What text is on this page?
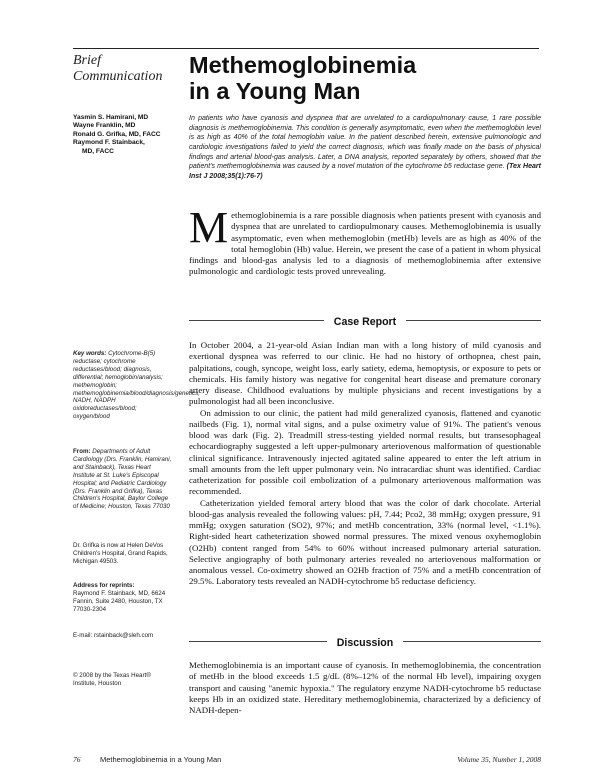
Brief
Communication	Methemoglobinemia
in a Young Man
Yasmin S. Hamirani, MD
Wayne Franklin, MD
Ronald G. Grifka, MD, FACC
Raymond F. Stainback,
MD, FACC
In patients who have cyanosis and dyspnea that are unrelated to a cardiopulmonary cause, 1 rare possible diagnosis is methemoglobinemia. This condition is generally asymptomatic, even when the methemoglobin level is as high as 40% of the total hemoglobin value. In the patient described herein, extensive pulmonologic and cardiologic investigations failed to yield the correct diagnosis, which was finally made on the basis of physical findings and arterial blood-gas analysis. Later, a DNA analysis, reported separately by others, showed that the patient's methemoglobinemia was caused by a novel mutation of the cytochrome b5 reductase gene. (Tex Heart Inst J 2008;35(1):76-7)
Methemoglobinemia is a rare possible diagnosis when patients present with cyanosis and dyspnea that are unrelated to cardiopulmonary causes. Methemoglobinemia is usually asymptomatic, even when methemoglobin (metHb) levels are as high as 40% of the total hemoglobin (Hb) value. Herein, we present the case of a patient in whom physical findings and blood-gas analysis led to a diagnosis of methemoglobinemia after extensive pulmonologic and cardiologic tests proved unrevealing.
Case Report

In October 2004, a 21-year-old Asian Indian man with a long history of mild cyanosis and exertional dyspnea was referred to our clinic. He had no history of orthopnea, chest pain, palpitations, cough, syncope, weight loss, early satiety, edema, hemoptysis, or exposure to pets or chemicals. His family history was negative for congenital heart disease and premature coronary artery disease. Childhood evaluations by multiple physicians and recent investigations by a pulmonologist had all been inconclusive.

On admission to our clinic, the patient had mild generalized cyanosis, flattened and cyanotic nailbeds (Fig. 1), normal vital signs, and a pulse oximetry value of 91%. The patient's venous blood was dark (Fig. 2). Treadmill stress-testing yielded normal results, but transesophageal echocardiography suggested a left upper-pulmonary arteriovenous malformation of questionable clinical significance. Intravenously injected agitated saline appeared to enter the left atrium in small amounts from the left upper pulmonary vein. No intracardiac shunt was identified. Cardiac catheterization for possible coil embolization of a pulmonary arteriovenous malformation was recommended.

Catheterization yielded femoral artery blood that was the color of dark chocolate. Arterial blood-gas analysis revealed the following values: pH, 7.44; Pco2, 38 mmHg; oxygen pressure, 91 mmHg; oxygen saturation (SO2), 97%; and metHb concentration, 33% (normal level, <1.1%). Right-sided heart catheterization showed normal pressures. The mixed venous oxyhemoglobin (O2Hb) content ranged from 54% to 60% without increased pulmonary arterial saturation. Selective angiography of both pulmonary arteries revealed no arteriovenous malformation or anomalous vessel. Co-oximetry showed an O2Hb fraction of 75% and a metHb concentration of 29.5%. Laboratory tests revealed an NADH-cytochrome b5 reductase deficiency.

Discussion

Methemoglobinemia is an important cause of cyanosis. In methemoglobinemia, the concentration of metHb in the blood exceeds 1.5 g/dL (8%–12% of the normal Hb level), impairing oxygen transport and causing "anemic hypoxia." The regulatory enzyme NADH-cytochrome b5 reductase keeps Hb in an oxidized state. Hereditary methemoglobinemia, characterized by a deficiency of NADH-depen-

Key words: Cytochrome-B(5) reductase; cytochrome reductases/blood; diagnosis, differential; hemoglobin/analysis; methemoglobin; methemoglobinemia/blood/diagnosis/genetics; NADH, NADPH oxidoreductases/blood; oxygen/blood
From: Departments of Adult Cardiology (Drs. Franklin, Hamirani, and Stainback), Texas Heart Institute at St. Luke's Episcopal Hospital; and Pediatric Cardiology (Drs. Franklin and Grifka), Texas Children's Hospital, Baylor College of Medicine; Houston, Texas 77030
Dr. Grifka is now at Helen DeVos Children's Hospital, Grand Rapids, Michigan 49503.
Address for reprints:
Raymond F. Stainback, MD, 6624 Fannin, Suite 2480, Houston, TX 77030-2304
E-mail: rstainback@sleh.com
© 2008 by the Texas Heart® Institute, Houston
76	Methemoglobinemia in a Young Man	Volume 35, Number 1, 2008
